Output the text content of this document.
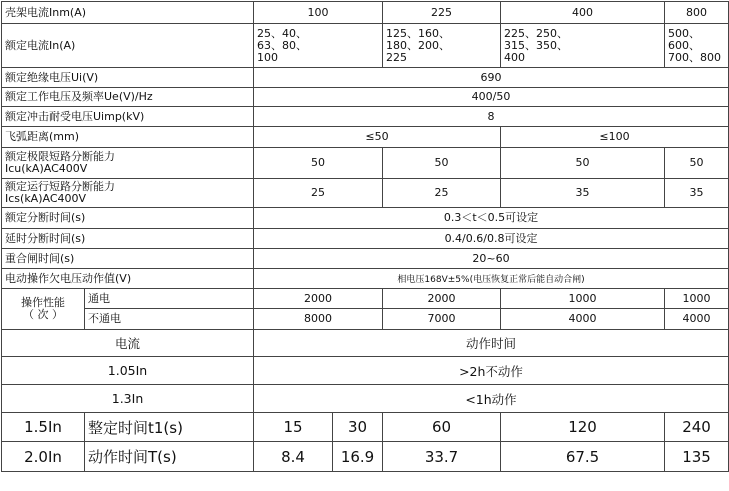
壳架电流Inm(A)		100		225	400	800	
额定电流In(A)		25、40、
63、80、
100		125、160、
180、200、
225	225、250、
315、350、
400	500、600、
700、800	
额定绝缘电压Ui(V)		690					
额定工作电压及频率Ue(V)/Hz		400/50					
额定冲击耐受电压Uimp(kV)		8					
飞弧距离(mm)		≤50			≤100		
额定极限短路分断能力
Icu(kA)AC400V		50		50	50	50	
额定运行短路分断能力
Ics(kA)AC400V		25		25	35	35	
额定分断时间(s)		0.3＜t＜0.5可设定					
延时分断时间(s)		0.4/0.6/0.8可设定					
重合闸时间(s)		20~60					
电动操作欠电压动作值(V)		相电压168V±5%(电压恢复正常后能自动合闸)					
操作性能
（ 次 ）	通电	2000		2000	1000	1000	
	不通电	8000		7000	4000	4000	
电流		动作时间					
1.05In		>2h不动作					
1.3In		<1h动作					
1.5In	整定时间t1(s)	15	30	60	120	240	
2.0In	动作时间T(s)	8.4	16.9	33.7	67.5	135	
